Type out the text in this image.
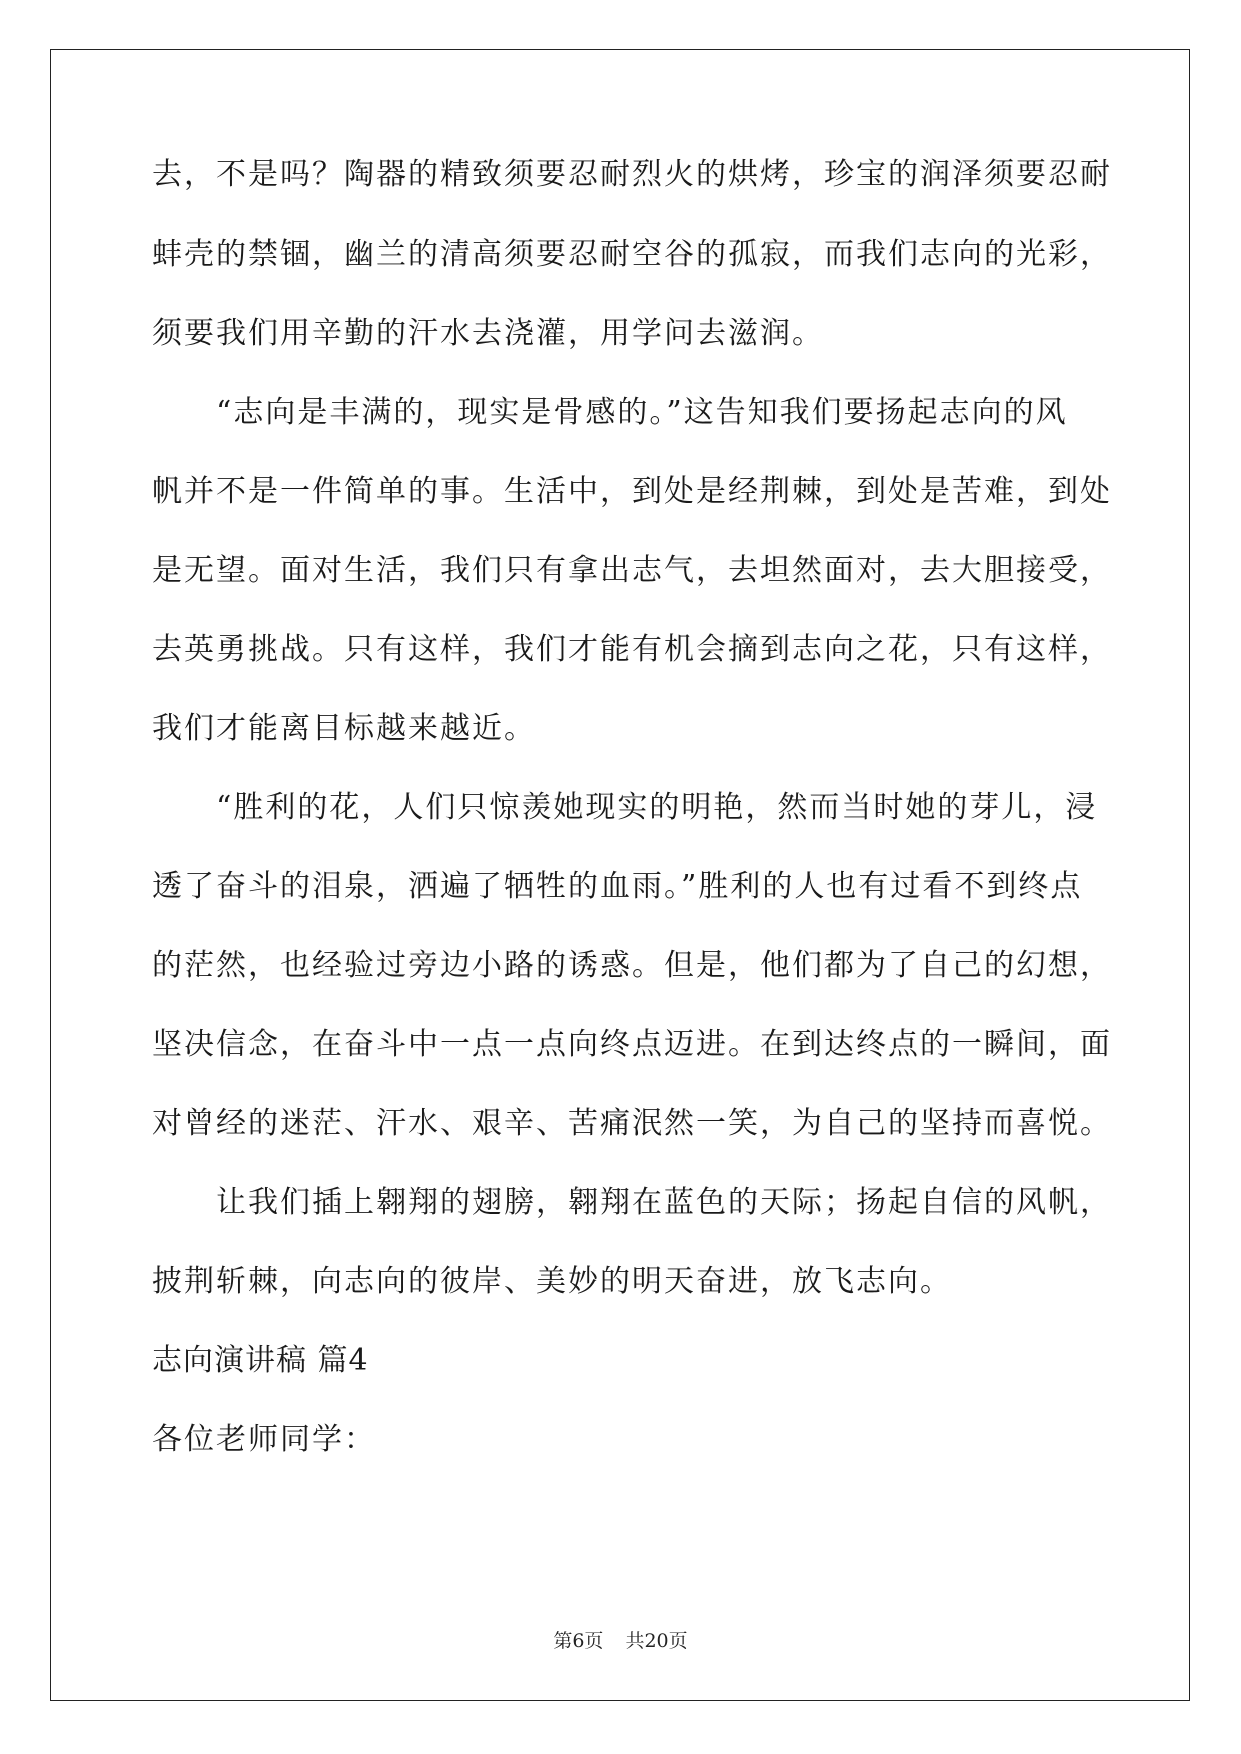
去，不是吗？陶器的精致须要忍耐烈火的烘烤，珍宝的润泽须要忍耐
蚌壳的禁锢，幽兰的清高须要忍耐空谷的孤寂，而我们志向的光彩，
须要我们用辛勤的汗水去浇灌，用学问去滋润。
　　“志向是丰满的，现实是骨感的。”这告知我们要扬起志向的风
帆并不是一件简单的事。生活中，到处是经荆棘，到处是苦难，到处
是无望。面对生活，我们只有拿出志气，去坦然面对，去大胆接受，
去英勇挑战。只有这样，我们才能有机会摘到志向之花，只有这样，
我们才能离目标越来越近。
　　“胜利的花，人们只惊羡她现实的明艳，然而当时她的芽儿，浸
透了奋斗的泪泉，洒遍了牺牲的血雨。”胜利的人也有过看不到终点
的茫然，也经验过旁边小路的诱惑。但是，他们都为了自己的幻想，
坚决信念，在奋斗中一点一点向终点迈进。在到达终点的一瞬间，面
对曾经的迷茫、汗水、艰辛、苦痛泯然一笑，为自己的坚持而喜悦。
　　让我们插上翱翔的翅膀，翱翔在蓝色的天际；扬起自信的风帆，
披荆斩棘，向志向的彼岸、美妙的明天奋进，放飞志向。
志向演讲稿 篇4
各位老师同学：
第6页 共20页
